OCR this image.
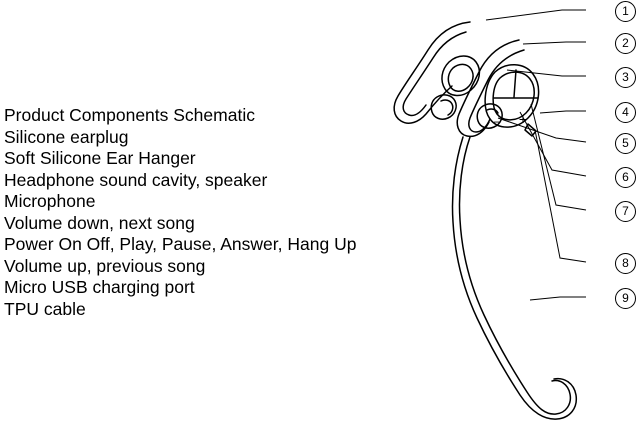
− +
Product Components Schematic
Silicone earplug
Soft Silicone Ear Hanger
Headphone sound cavity, speaker
Microphone
Volume down, next song
Power On Off, Play, Pause, Answer, Hang Up
Volume up, previous song
Micro USB charging port
TPU cable
1
2
3
4
5
6
7
8
9
